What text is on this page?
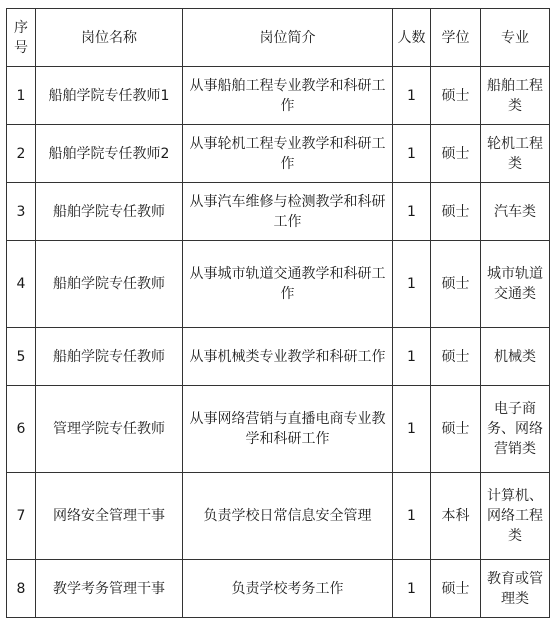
序号	岗位名称	岗位简介	人数	学位	专业
1	船舶学院专任教师1	从事船舶工程专业教学和科研工作	1	硕士	船舶工程类
2	船舶学院专任教师2	从事轮机工程专业教学和科研工作	1	硕士	轮机工程类
3	船舶学院专任教师	从事汽车维修与检测教学和科研工作	1	硕士	汽车类
4	船舶学院专任教师	从事城市轨道交通教学和科研工作	1	硕士	城市轨道交通类
5	船舶学院专任教师	从事机械类专业教学和科研工作	1	硕士	机械类
6	管理学院专任教师	从事网络营销与直播电商专业教学和科研工作	1	硕士	电子商务、网络营销类
7	网络安全管理干事	负责学校日常信息安全管理	1	本科	计算机、网络工程类
8	教学考务管理干事	负责学校考务工作	1	硕士	教育或管理类
